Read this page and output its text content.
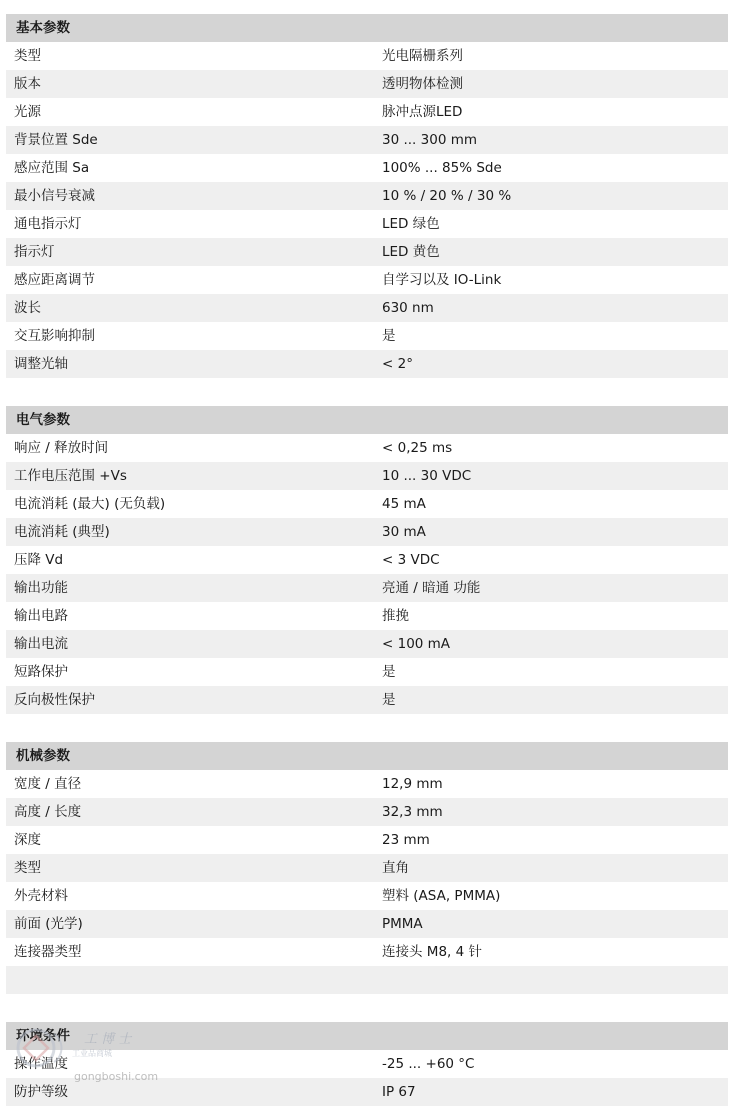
基本参数
类型	光电隔栅系列
版本	透明物体检测
光源	脉冲点源LED
背景位置 Sde	30 ... 300 mm
感应范围 Sa	100% ... 85% Sde
最小信号衰减	10 % / 20 % / 30 %
通电指示灯	LED 绿色
指示灯	LED 黄色
感应距离调节	自学习以及 IO-Link
波长	630 nm
交互影响抑制	是
调整光轴	< 2°
电气参数
响应 / 释放时间	< 0,25 ms
工作电压范围 +Vs	10 ... 30 VDC
电流消耗 (最大) (无负载)	45 mA
电流消耗 (典型)	30 mA
压降 Vd	< 3 VDC
输出功能	亮通 / 暗通 功能
输出电路	推挽
输出电流	< 100 mA
短路保护	是
反向极性保护	是
机械参数
宽度 / 直径	12,9 mm
高度 / 长度	32,3 mm
深度	23 mm
类型	直角
外壳材料	塑料 (ASA, PMMA)
前面 (光学)	PMMA
连接器类型	连接头 M8, 4 针
环境条件
操作温度	-25 ... +60 °C
防护等级	IP 67
工 博 士
工业品商城
gongboshi.com
